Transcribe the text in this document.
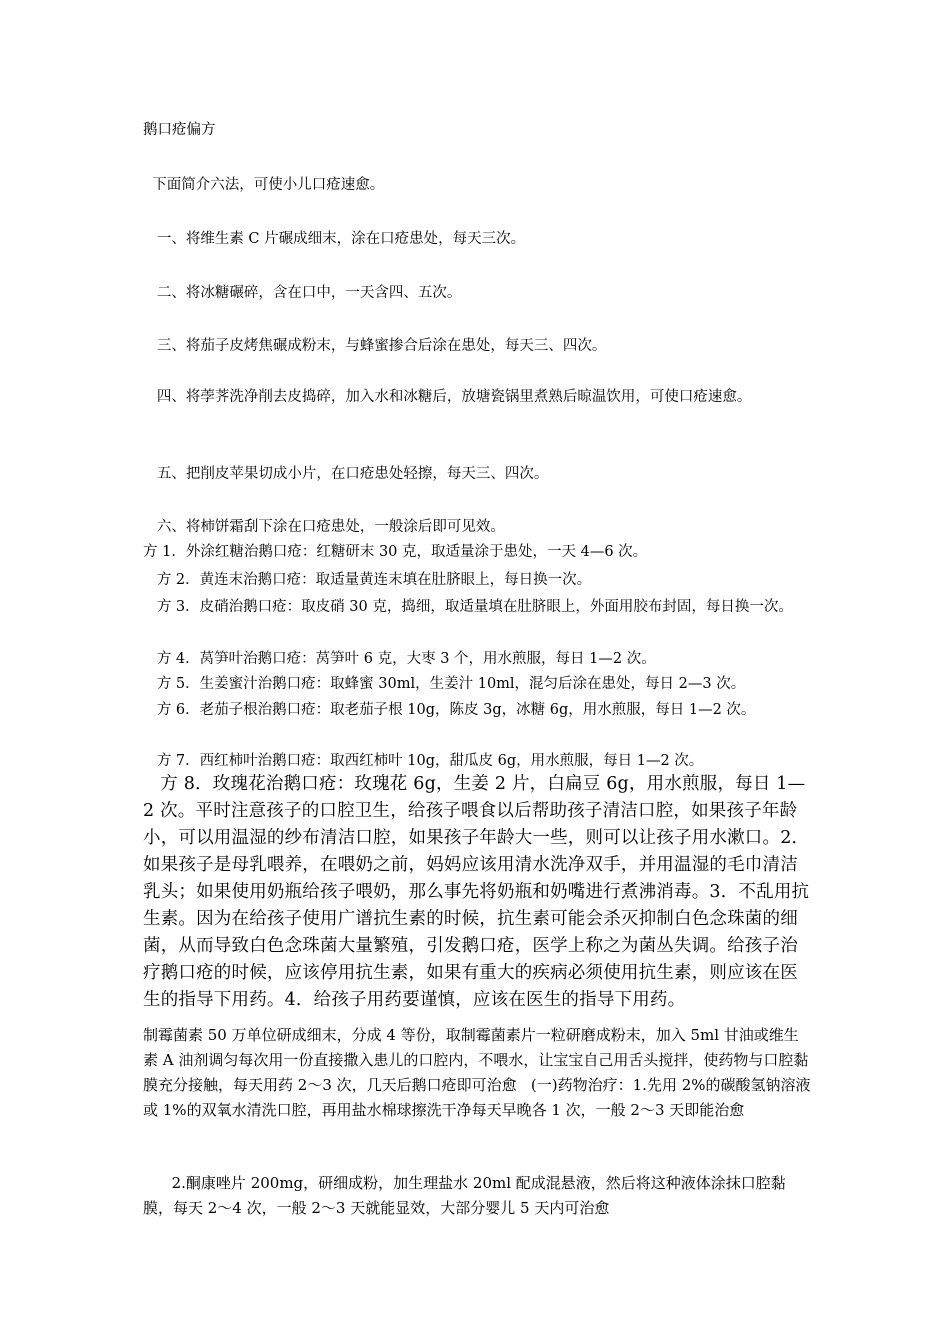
鹅口疮偏方

下面简介六法，可使小儿口疮速愈。

一、将维生素 C 片碾成细末，涂在口疮患处，每天三次。

二、将冰糖碾碎，含在口中，一天含四、五次。

三、将茄子皮烤焦碾成粉末，与蜂蜜掺合后涂在患处，每天三、四次。

四、将荸荠洗净削去皮捣碎，加入水和冰糖后，放塘瓷锅里煮熟后晾温饮用，可使口疮速愈。

五、把削皮苹果切成小片，在口疮患处轻擦，每天三、四次。

六、将柿饼霜刮下涂在口疮患处，一般涂后即可见效。

方 1．外涂红糖治鹅口疮：红糖研末 30 克，取适量涂于患处，一天 4—6 次。

方 2．黄连末治鹅口疮：取适量黄连末填在肚脐眼上，每日换一次。

方 3．皮硝治鹅口疮：取皮硝 30 克，捣细，取适量填在肚脐眼上，外面用胶布封固，每日换一次。

方 4．莴笋叶治鹅口疮：莴笋叶 6 克，大枣 3 个，用水煎服，每日 1—2 次。

方 5．生姜蜜汁治鹅口疮：取蜂蜜 30ml，生姜汁 10ml，混匀后涂在患处，每日 2—3 次。

方 6．老茄子根治鹅口疮：取老茄子根 10g，陈皮 3g，冰糖 6g，用水煎服，每日 1—2 次。

方 7．西红柿叶治鹅口疮：取西红柿叶 10g，甜瓜皮 6g，用水煎服，每日 1—2 次。

方 8．玫瑰花治鹅口疮：玫瑰花 6g，生姜 2 片，白扁豆 6g，用水煎服，每日 1—2 次。平时注意孩子的口腔卫生，给孩子喂食以后帮助孩子清洁口腔，如果孩子年龄小，可以用温湿的纱布清洁口腔，如果孩子年龄大一些，则可以让孩子用水漱口。2．如果孩子是母乳喂养，在喂奶之前，妈妈应该用清水洗净双手，并用温湿的毛巾清洁乳头；如果使用奶瓶给孩子喂奶，那么事先将奶瓶和奶嘴进行煮沸消毒。3．不乱用抗生素。因为在给孩子使用广谱抗生素的时候，抗生素可能会杀灭抑制白色念珠菌的细菌，从而导致白色念珠菌大量繁殖，引发鹅口疮，医学上称之为菌丛失调。给孩子治疗鹅口疮的时候，应该停用抗生素，如果有重大的疾病必须使用抗生素，则应该在医生的指导下用药。4．给孩子用药要谨慎，应该在医生的指导下用药。

制霉菌素 50 万单位研成细末，分成 4 等份，取制霉菌素片一粒研磨成粉末，加入 5ml 甘油或维生素 A 油剂调匀每次用一份直接撒入患儿的口腔内，不喂水，让宝宝自己用舌头搅拌，使药物与口腔黏膜充分接触，每天用药 2～3 次，几天后鹅口疮即可治愈   (一)药物治疗：1.先用 2%的碳酸氢钠溶液或 1%的双氧水清洗口腔，再用盐水棉球擦洗干净每天早晚各 1 次，一般 2～3 天即能治愈

2.酮康唑片 200mg，研细成粉，加生理盐水 20ml 配成混悬液，然后将这种液体涂抹口腔黏膜，每天 2～4 次，一般 2～3 天就能显效，大部分婴儿 5 天内可治愈
